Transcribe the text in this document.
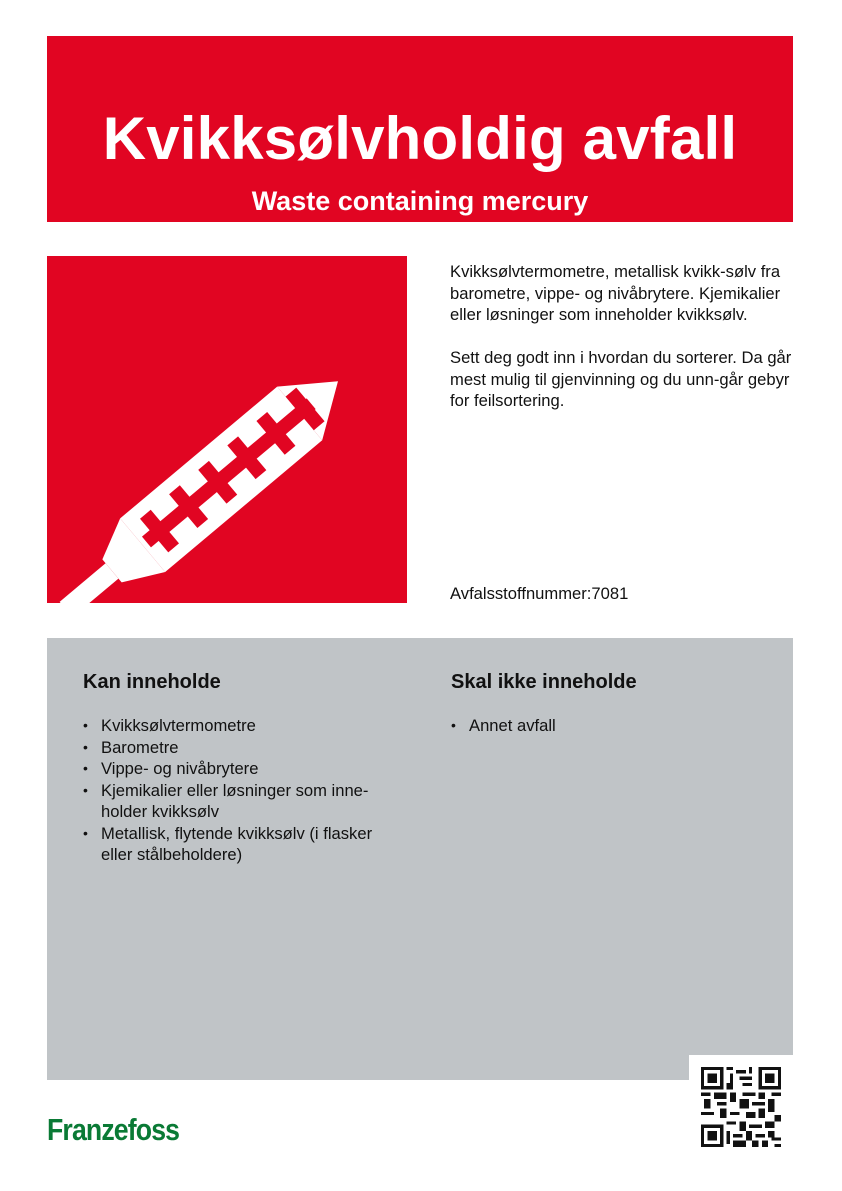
Kvikksølvholdig avfall
Waste containing mercury

Kvikksølvtermometre, metallisk kvikk-sølv fra barometre, vippe- og nivåbrytere. Kjemikalier eller løsninger som inneholder kvikksølv.

Sett deg godt inn i hvordan du sorterer. Da går mest mulig til gjenvinning og du unn-går gebyr for feilsortering.

Avfalsstoffnummer:7081
Kan inneholde
• Kvikksølvtermometre
• Barometre
• Vippe- og nivåbrytere
• Kjemikalier eller løsninger som inne-holder kvikksølv
• Metallisk, flytende kvikksølv (i flasker eller stålbeholdere)
Skal ikke inneholde
• Annet avfall
Franzefoss
